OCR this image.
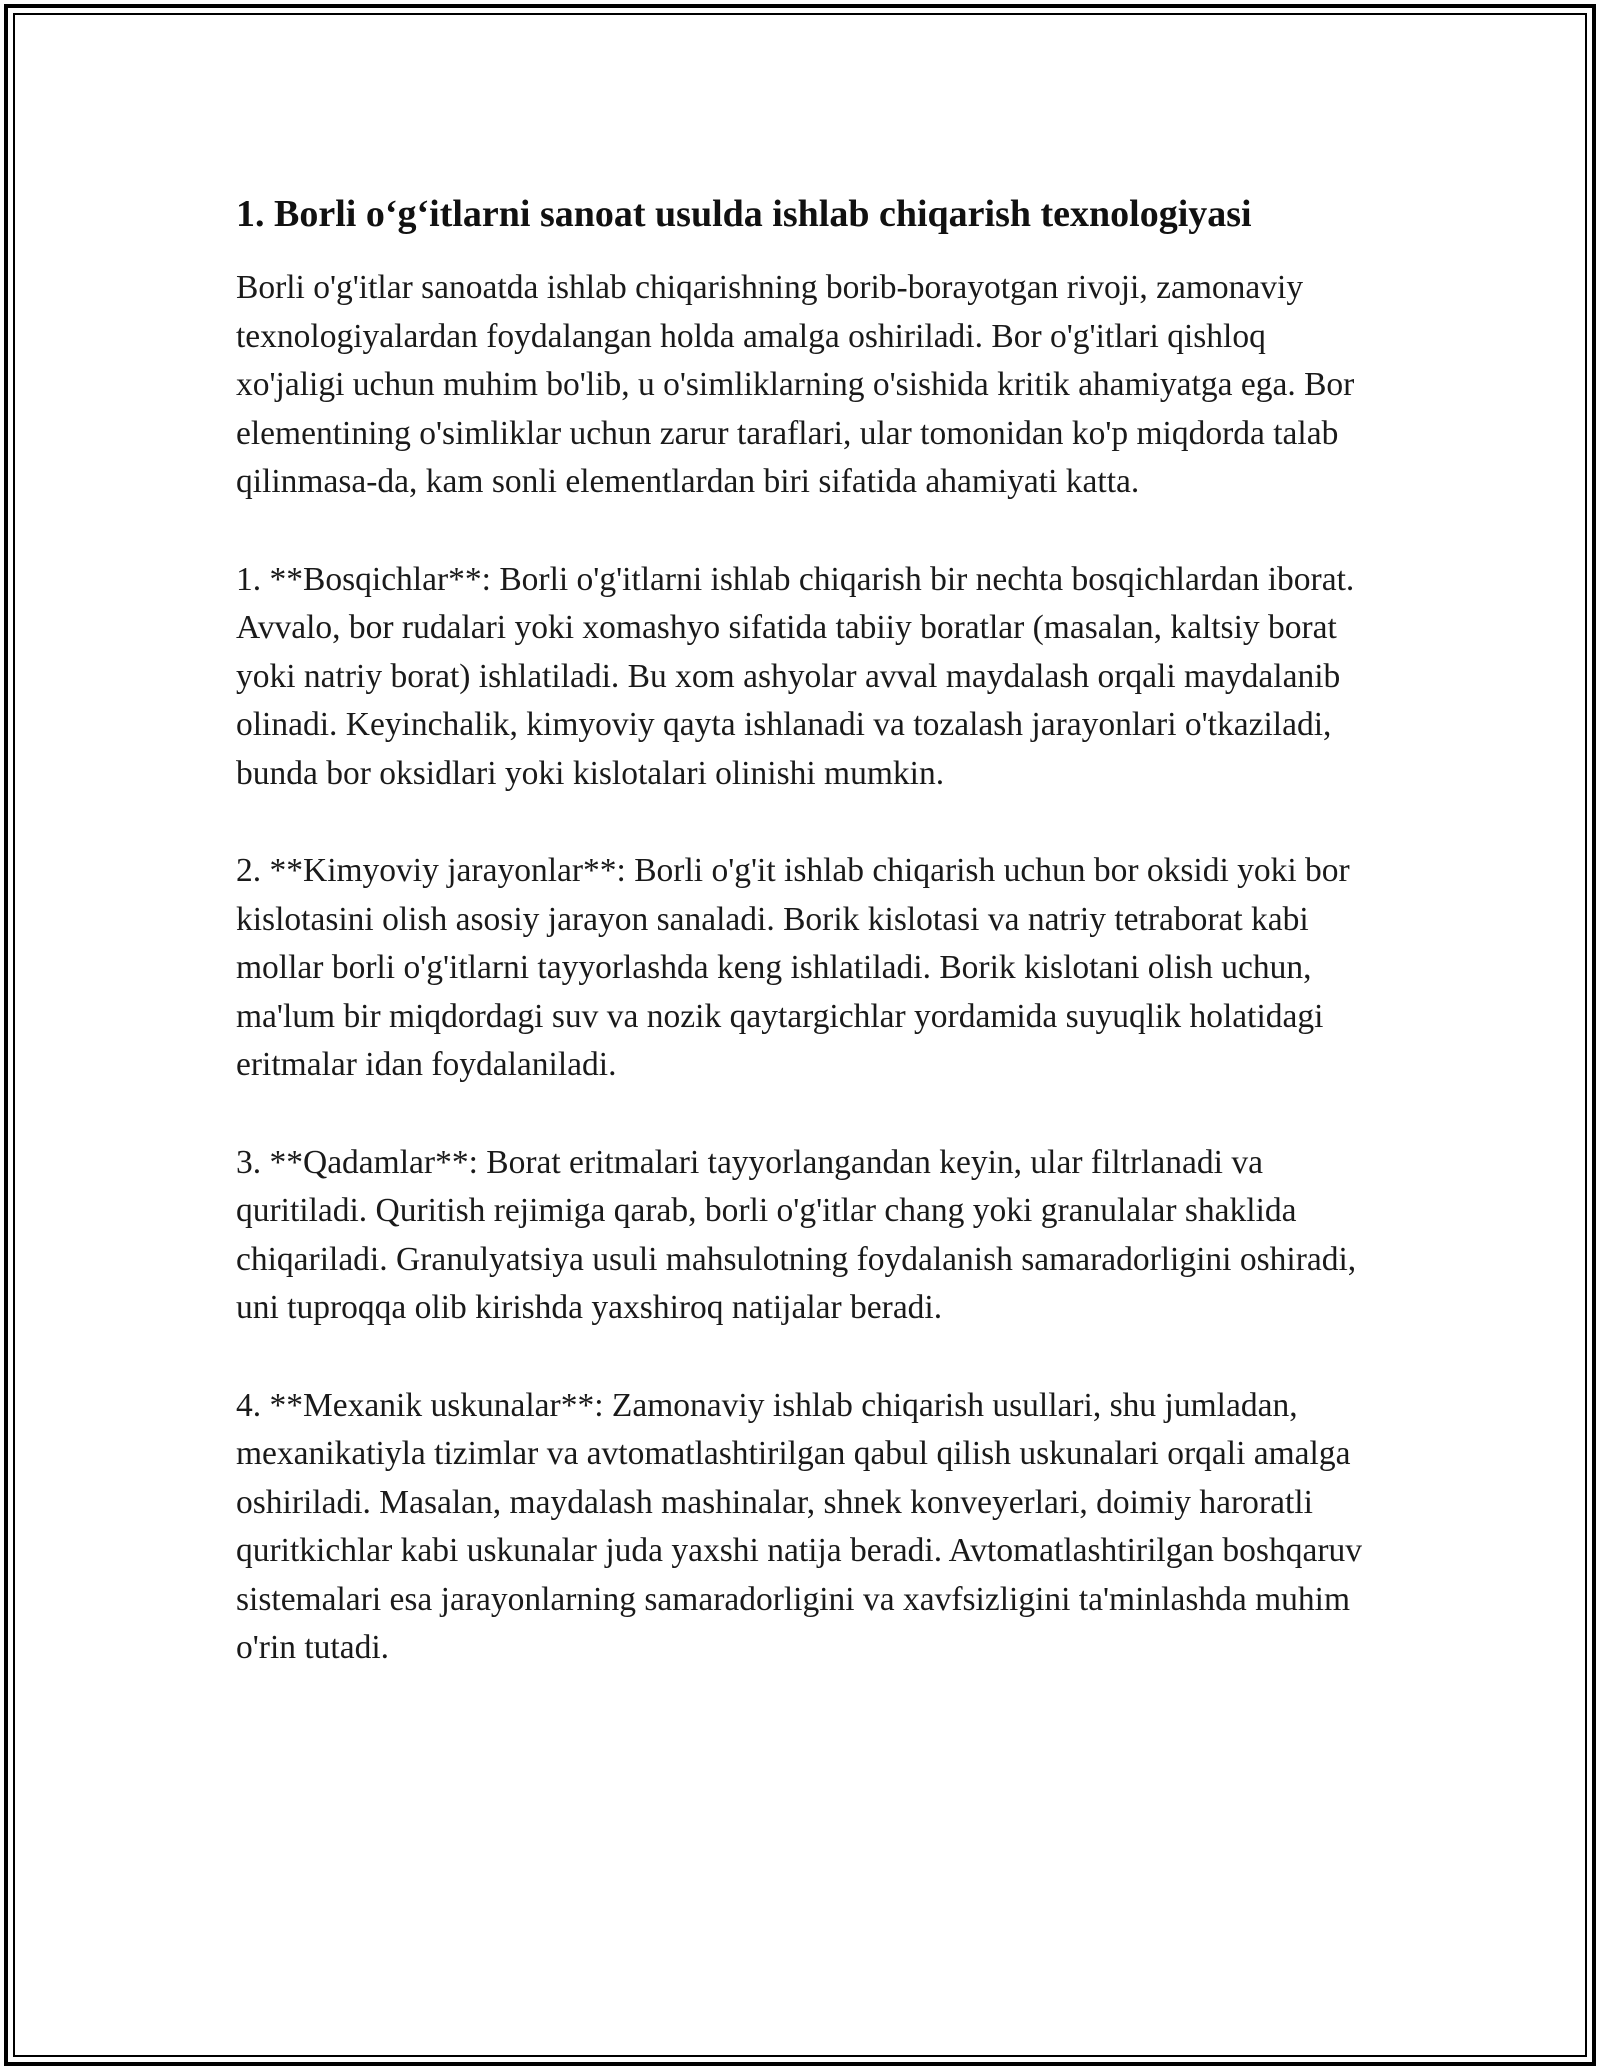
1. Borli o‘g‘itlarni sanoat usulda ishlab chiqarish texnologiyasi

Borli o'g'itlar sanoatda ishlab chiqarishning borib-borayotgan rivoji, zamonaviy texnologiyalardan foydalangan holda amalga oshiriladi. Bor o'g'itlari qishloq xo'jaligi uchun muhim bo'lib, u o'simliklarning o'sishida kritik ahamiyatga ega. Bor elementining o'simliklar uchun zarur taraflari, ular tomonidan ko'p miqdorda talab qilinmasa-da, kam sonli elementlardan biri sifatida ahamiyati katta.

1. **Bosqichlar**: Borli o'g'itlarni ishlab chiqarish bir nechta bosqichlardan iborat. Avvalo, bor rudalari yoki xomashyo sifatida tabiiy boratlar (masalan, kaltsiy borat yoki natriy borat) ishlatiladi. Bu xom ashyolar avval maydalash orqali maydalanib olinadi. Keyinchalik, kimyoviy qayta ishlanadi va tozalash jarayonlari o'tkaziladi, bunda bor oksidlari yoki kislotalari olinishi mumkin.

2. **Kimyoviy jarayonlar**: Borli o'g'it ishlab chiqarish uchun bor oksidi yoki bor kislotasini olish asosiy jarayon sanaladi. Borik kislotasi va natriy tetraborat kabi mollar borli o'g'itlarni tayyorlashda keng ishlatiladi. Borik kislotani olish uchun, ma'lum bir miqdordagi suv va nozik qaytargichlar yordamida suyuqlik holatidagi eritmalar idan foydalaniladi.

3. **Qadamlar**: Borat eritmalari tayyorlangandan keyin, ular filtrlanadi va quritiladi. Quritish rejimiga qarab, borli o'g'itlar chang yoki granulalar shaklida chiqariladi. Granulyatsiya usuli mahsulotning foydalanish samaradorligini oshiradi, uni tuproqqa olib kirishda yaxshiroq natijalar beradi.

4. **Mexanik uskunalar**: Zamonaviy ishlab chiqarish usullari, shu jumladan, mexanikatiyla tizimlar va avtomatlashtirilgan qabul qilish uskunalari orqali amalga oshiriladi. Masalan, maydalash mashinalar, shnek konveyerlari, doimiy haroratli quritkichlar kabi uskunalar juda yaxshi natija beradi. Avtomatlashtirilgan boshqaruv sistemalari esa jarayonlarning samaradorligini va xavfsizligini ta'minlashda muhim o'rin tutadi.
